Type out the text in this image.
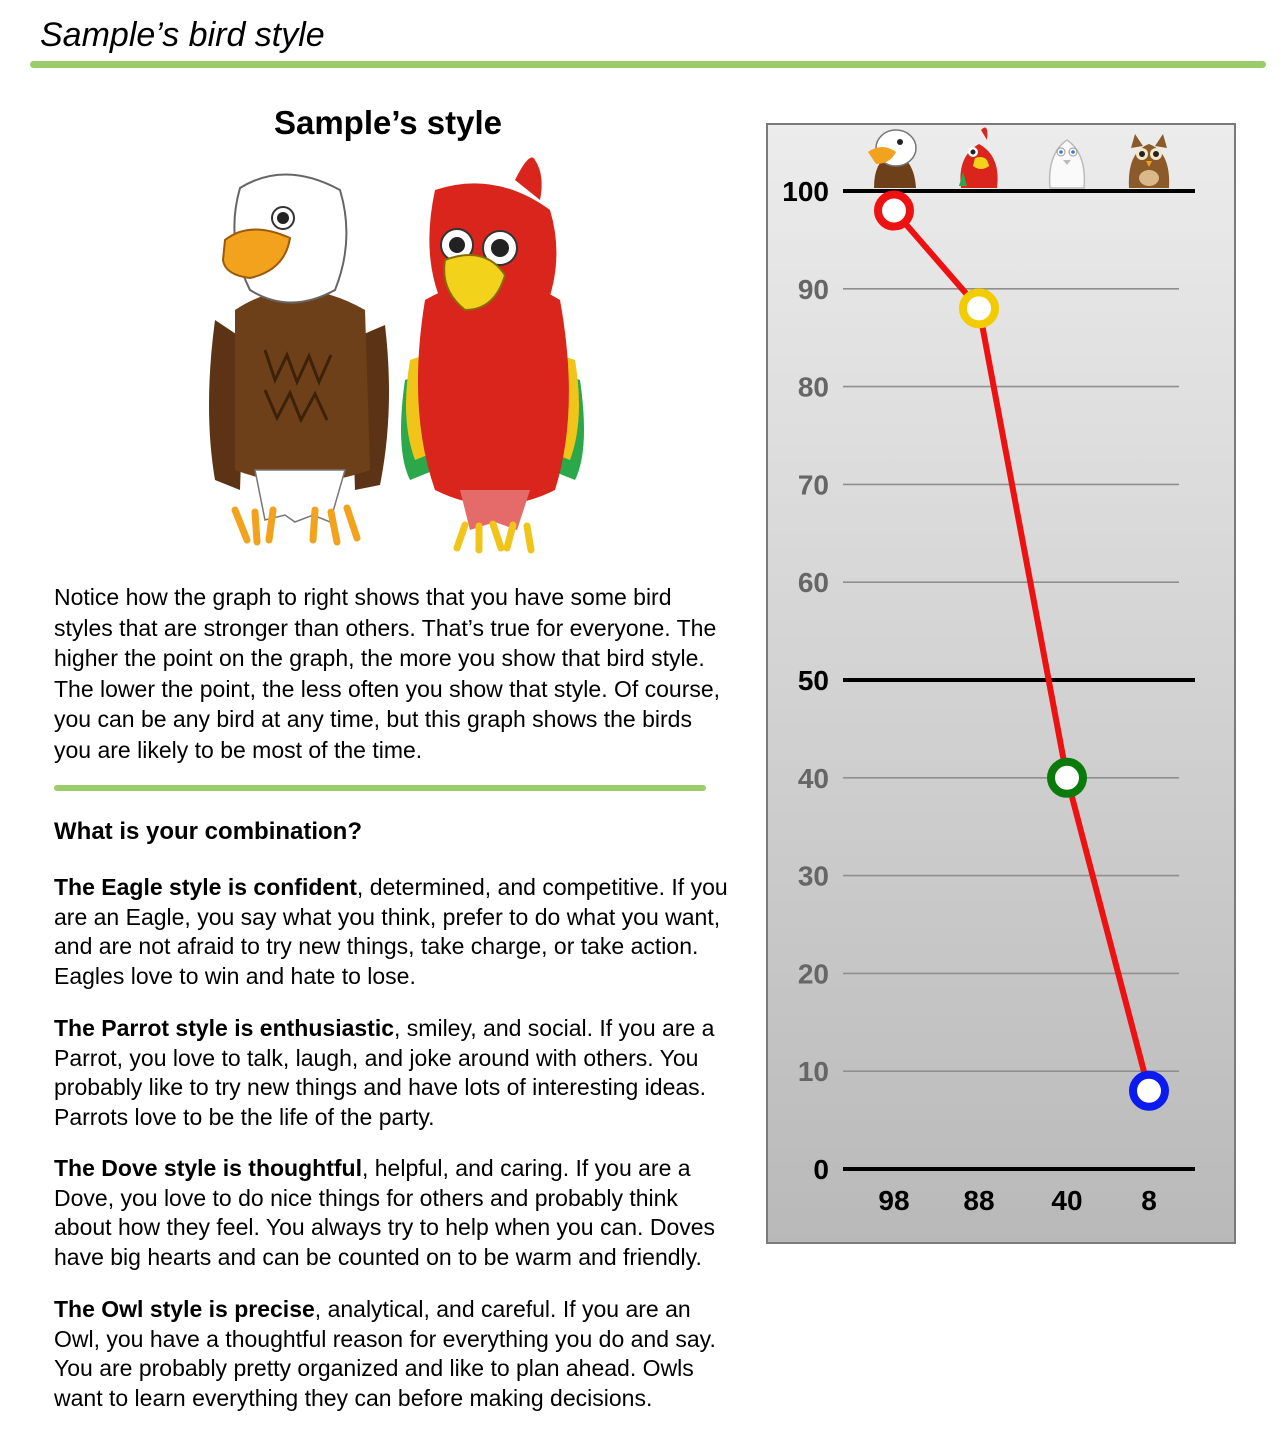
Sample’s bird style
Sample’s style

Notice how the graph to right shows that you have some bird styles that are stronger than others. That’s true for everyone. The higher the point on the graph, the more you show that bird style. The lower the point, the less often you show that style. Of course, you can be any bird at any time, but this graph shows the birds you are likely to be most of the time.

What is your combination?

The Eagle style is confident, determined, and competitive. If you are an Eagle, you say what you think, prefer to do what you want, and are not afraid to try new things, take charge, or take action. Eagles love to win and hate to lose.

The Parrot style is enthusiastic, smiley, and social. If you are a Parrot, you love to talk, laugh, and joke around with others. You probably like to try new things and have lots of interesting ideas. Parrots love to be the life of the party.

The Dove style is thoughtful, helpful, and caring. If you are a Dove, you love to do nice things for others and probably think about how they feel. You always try to help when you can. Doves have big hearts and can be counted on to be warm and friendly.

The Owl style is precise, analytical, and careful. If you are an Owl, you have a thoughtful reason for everything you do and say. You are probably pretty organized and like to plan ahead. Owls want to learn everything they can before making decisions.

0
10
20
30
40
50
60
70
80
90
100
98 88 40 8
